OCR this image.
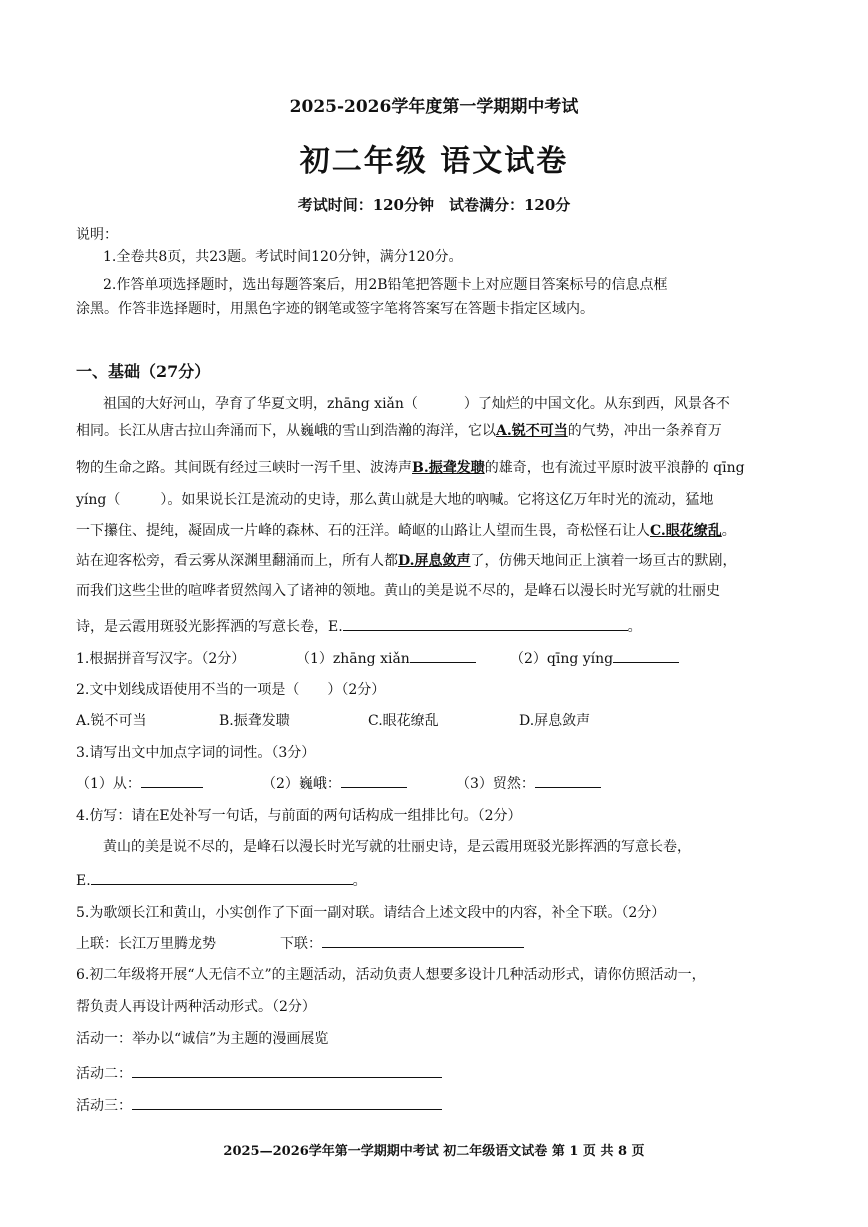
2025-2026学年度第一学期期中考试
初二年级 语文试卷
考试时间：120分钟　试卷满分：120分
说明：
1.全卷共8页，共23题。考试时间120分钟，满分120分。
2.作答单项选择题时，选出每题答案后，用2B铅笔把答题卡上对应题目答案标号的信息点框
涂黑。作答非选择题时，用黑色字迹的钢笔或签字笔将答案写在答题卡指定区域内。
一、基础（27分）
祖国的大好河山，孕育了华夏文明，zhāng xiǎn（	）了灿烂的中国文化。从东到西，风景各不
相同。长江从唐古拉山奔涌而下，从巍峨的雪山到浩瀚的海洋，它以A.锐不可当的气势，冲出一条养育万
物的生命之路。其间既有经过三峡时一泻千里、波涛声B.振聋发聩的雄奇，也有流过平原时波平浪静的 qīng
yíng（	）。如果说长江是流动的史诗，那么黄山就是大地的吶喊。它将这亿万年时光的流动，猛地
一下攥住、提纯，凝固成一片峰的森林、石的汪洋。崎岖的山路让人望而生畏，奇松怪石让人C.眼花缭乱。
站在迎客松旁，看云雾从深渊里翻涌而上，所有人都D.屏息敛声了，仿佛天地间正上演着一场亘古的默剧，
而我们这些尘世的喧哗者贸然闯入了诸神的领地。黄山的美是说不尽的，是峰石以漫长时光写就的壮丽史
诗，是云霞用斑驳光影挥洒的写意长卷，E.	。
1.根据拼音写汉字。（2分）	（1）zhāng xiǎn	（2）qīng yíng
2.文中划线成语使用不当的一项是（　　）（2分）
A.锐不可当	B.振聋发聩	C.眼花缭乱	D.屏息敛声
3.请写出文中加点字词的词性。（3分）
（1）从：	（2）巍峨：	（3）贸然：
4.仿写：请在E处补写一句话，与前面的两句话构成一组排比句。（2分）
黄山的美是说不尽的，是峰石以漫长时光写就的壮丽史诗，是云霞用斑驳光影挥洒的写意长卷，
E.	。
5.为歌颂长江和黄山，小实创作了下面一副对联。请结合上述文段中的内容，补全下联。（2分）
上联：长江万里腾龙势	下联：
6.初二年级将开展“人无信不立”的主题活动，活动负责人想要多设计几种活动形式，请你仿照活动一，
帮负责人再设计两种活动形式。（2分）
活动一：举办以“诚信”为主题的漫画展览
活动二：
活动三：
2025—2026学年第一学期期中考试 初二年级语文试卷 第 1 页 共 8 页
